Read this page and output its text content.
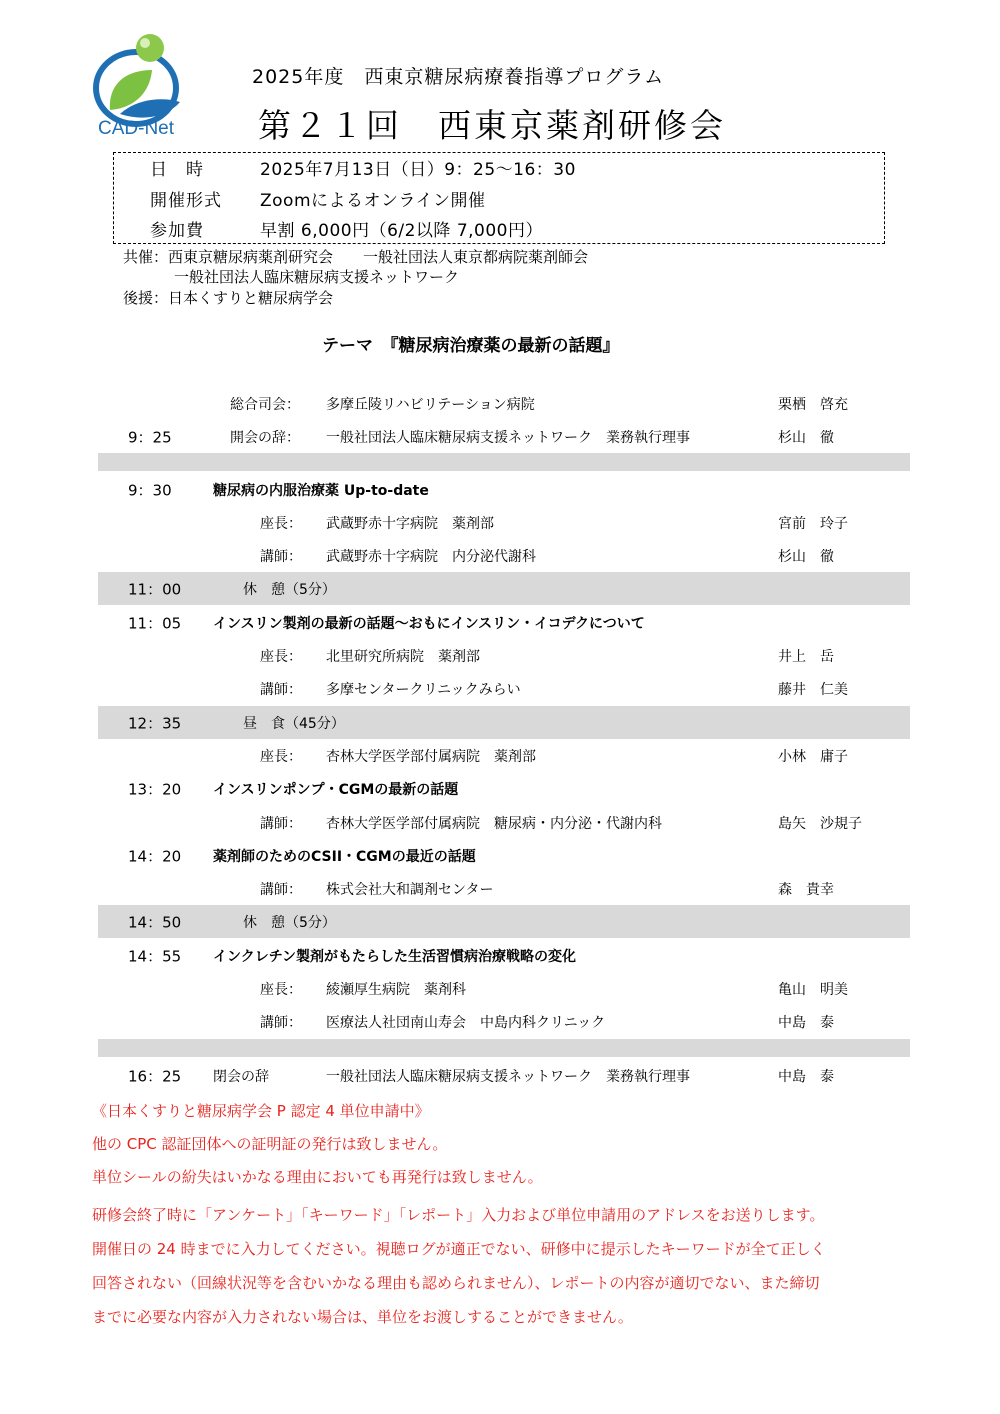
CAD-Net
2025年度　西東京糖尿病療養指導プログラム
第２１回　西東京薬剤研修会
日　時	2025年7月13日（日）9：25～16：30
開催形式	Zoomによるオンライン開催
参加費	早割 6,000円（6/2以降 7,000円）
共催：西東京糖尿病薬剤研究会　　一般社団法人東京都病院薬剤師会
一般社団法人臨床糖尿病支援ネットワーク
後援：日本くすりと糖尿病学会
テーマ　『糖尿病治療薬の最新の話題』
総合司会： 多摩丘陵リハビリテーション病院	栗栖　啓充
9：25	開会の辞： 一般社団法人臨床糖尿病支援ネットワーク　業務執行理事	杉山　徹
9：30	糖尿病の内服治療薬 Up-to-date
座長： 武蔵野赤十字病院　薬剤部	宮前　玲子
講師： 武蔵野赤十字病院　内分泌代謝科	杉山　徹
11：00	休　憩（5分）
11：05 インスリン製剤の最新の話題～おもにインスリン・イコデクについて
座長： 北里研究所病院　薬剤部	井上　岳
講師： 多摩センタークリニックみらい	藤井　仁美
12：35	昼　食（45分）
座長： 杏林大学医学部付属病院　薬剤部	小林　庸子
13：20 インスリンポンプ・CGMの最新の話題
講師： 杏林大学医学部付属病院　糖尿病・内分泌・代謝内科	島矢　沙規子
14：20 薬剤師のためのCSII・CGMの最近の話題
講師： 株式会社大和調剤センター	森　貴幸
14：50	休　憩（5分）
14：55 インクレチン製剤がもたらした生活習慣病治療戦略の変化
座長： 綾瀬厚生病院　薬剤科	亀山　明美
講師： 医療法人社団南山寿会　中島内科クリニック	中島　泰
16：25 閉会の辞	一般社団法人臨床糖尿病支援ネットワーク　業務執行理事	中島　泰
《日本くすりと糖尿病学会 P 認定 4 単位申請中》
他の CPC 認証団体への証明証の発行は致しません。
単位シールの紛失はいかなる理由においても再発行は致しません。
研修会終了時に「アンケート」「キーワード」「レポート」入力および単位申請用のアドレスをお送りします。
開催日の 24 時までに入力してください。視聴ログが適正でない、研修中に提示したキーワードが全て正しく
回答されない（回線状況等を含むいかなる理由も認められません）、レポートの内容が適切でない、また締切
までに必要な内容が入力されない場合は、単位をお渡しすることができません。
